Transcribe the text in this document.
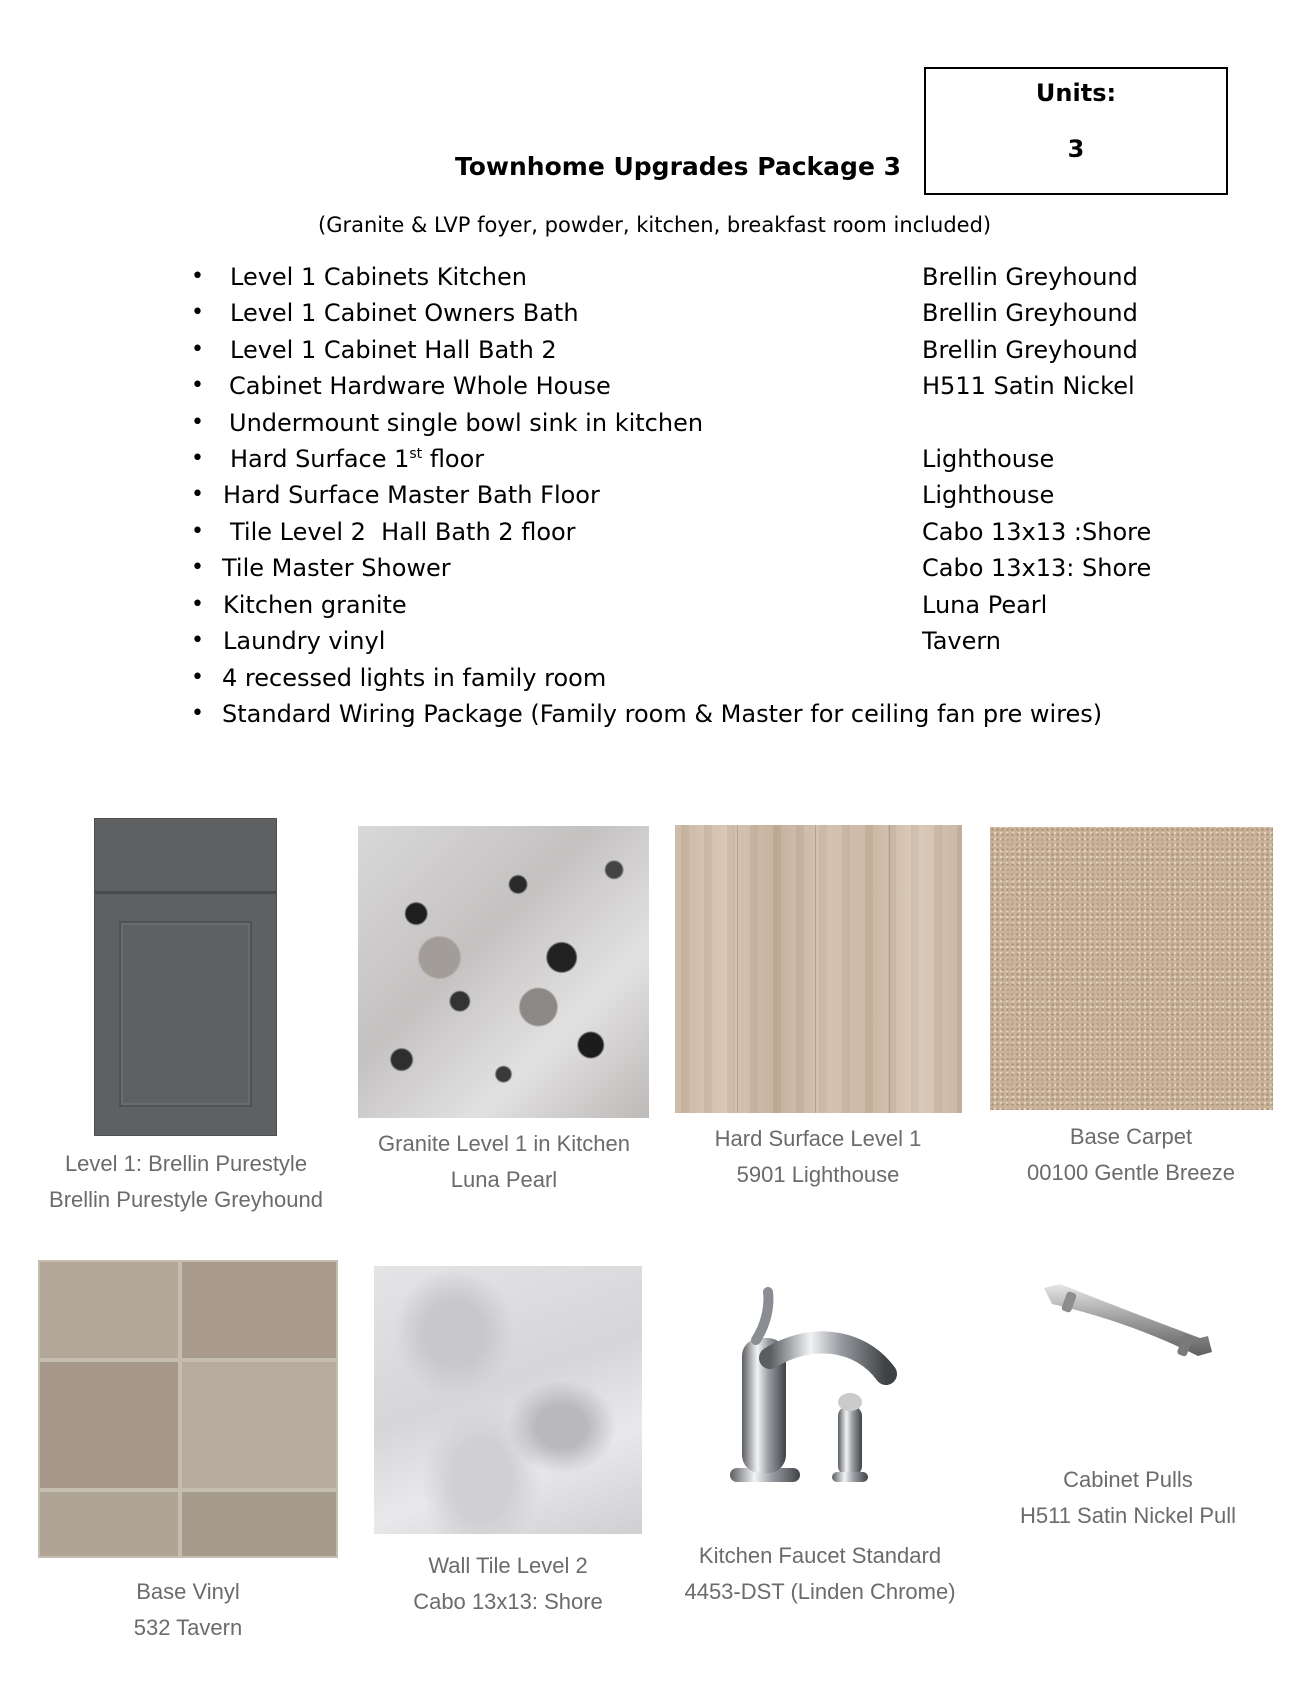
Units:
3
Townhome Upgrades Package 3
(Granite & LVP foyer, powder, kitchen, breakfast room included)
• Level 1 Cabinets Kitchen	Brellin Greyhound
• Level 1 Cabinet Owners Bath	Brellin Greyhound
• Level 1 Cabinet Hall Bath 2	Brellin Greyhound
• Cabinet Hardware Whole House	H511 Satin Nickel
• Undermount single bowl sink in kitchen
• Hard Surface 1st floor	Lighthouse
• Hard Surface Master Bath Floor	Lighthouse
• Tile Level 2  Hall Bath 2 floor	Cabo 13x13 :Shore
• Tile Master Shower	Cabo 13x13: Shore
• Kitchen granite	Luna Pearl
• Laundry vinyl	Tavern
• 4 recessed lights in family room
• Standard Wiring Package (Family room & Master for ceiling fan pre wires)
Level 1: Brellin Purestyle
Brellin Purestyle Greyhound
Granite Level 1 in Kitchen
Luna Pearl
Hard Surface Level 1
5901 Lighthouse
Base Carpet
00100 Gentle Breeze
Base Vinyl
532 Tavern
Wall Tile Level 2
Cabo 13x13: Shore
Kitchen Faucet Standard
4453-DST (Linden Chrome)
Cabinet Pulls
H511 Satin Nickel Pull
